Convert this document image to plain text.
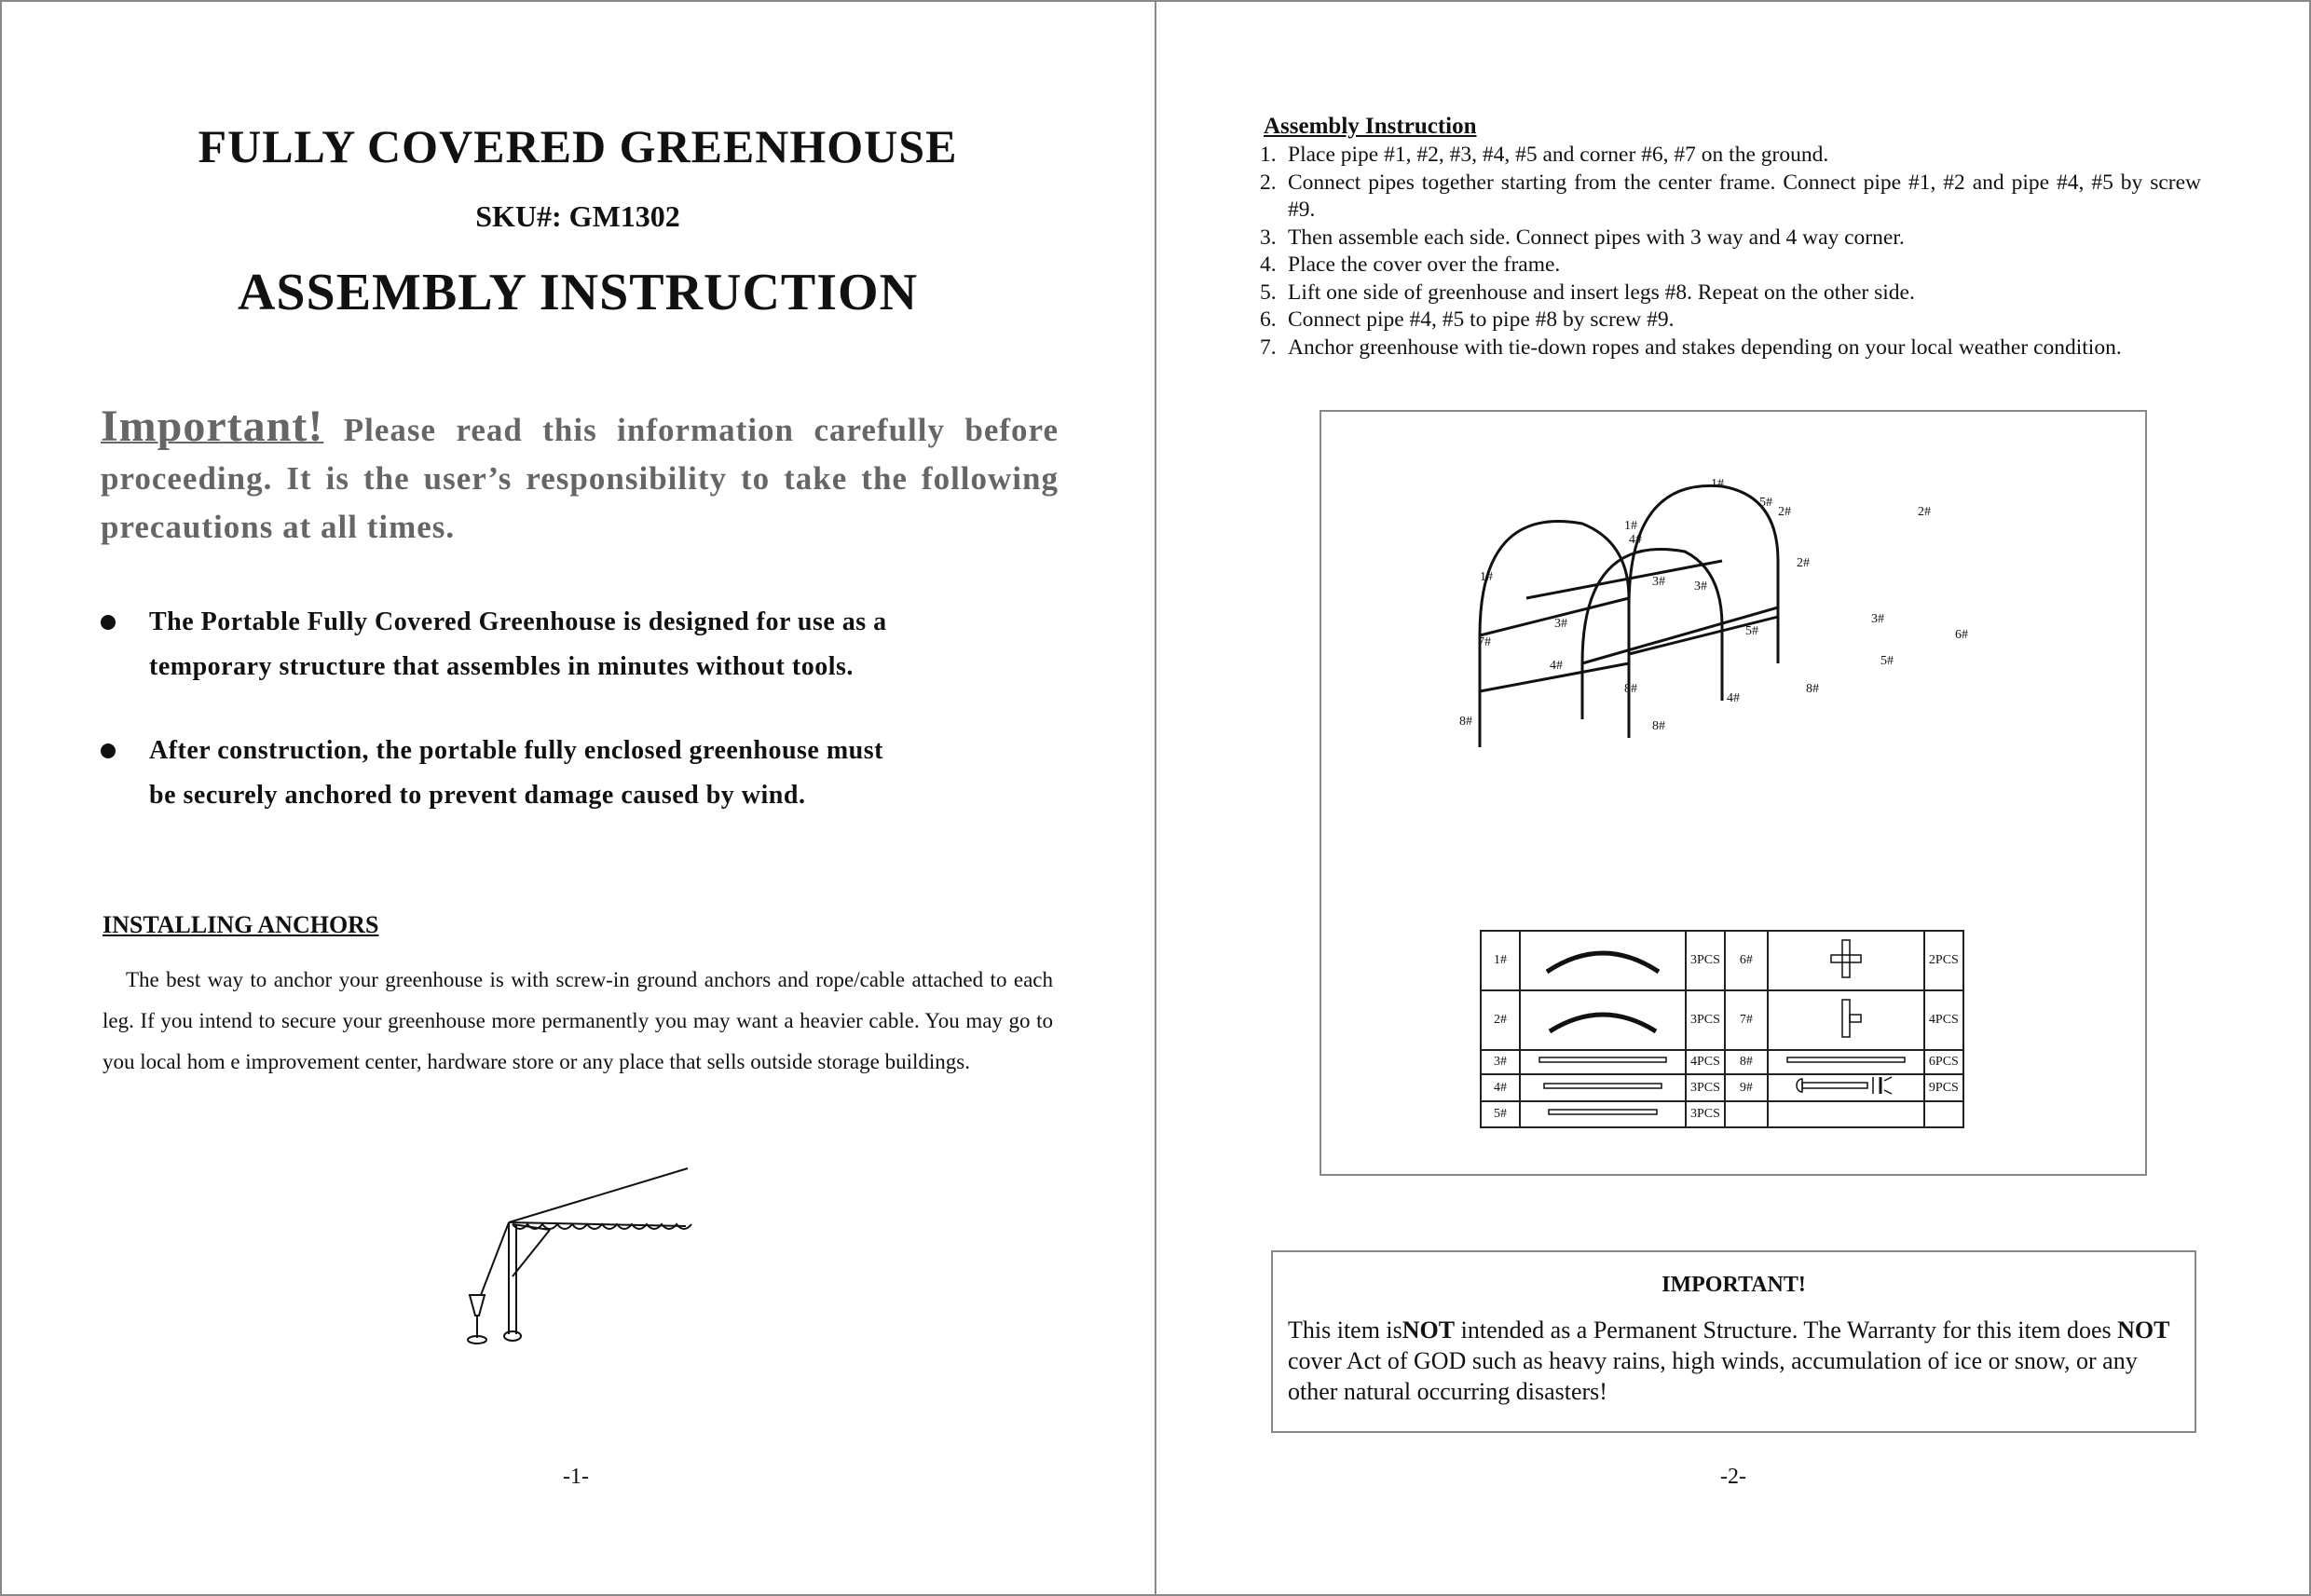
FULLY COVERED GREENHOUSE
SKU#: GM1302
ASSEMBLY INSTRUCTION
Important! Please read this information carefully before proceeding. It is the user’s responsibility to take the following precautions at all times.

The Portable Fully Covered Greenhouse is designed for use as a

temporary structure that assembles in minutes without tools.

After construction, the portable fully enclosed greenhouse must

be securely anchored to prevent damage caused by wind.

INSTALLING ANCHORS
The best way to anchor your greenhouse is with screw-in ground anchors and rope/cable attached to each leg. If you intend to secure your greenhouse more permanently you may want a heavier cable. You may go to you local hom e improvement center, hardware store or any place that sells outside storage buildings.
-1-
Assembly Instruction
1. Place pipe #1, #2, #3, #4, #5 and corner #6, #7 on the ground.
2. Connect pipes together starting from the center frame. Connect pipe #1, #2 and pipe #4, #5 by screw #9.
3. Then assemble each side. Connect pipes with 3 way and 4 way corner.
4. Place the cover over the frame.
5. Lift one side of greenhouse and insert legs #8. Repeat on the other side.
6. Connect pipe #4, #5 to pipe #8 by screw #9.
7. Anchor greenhouse with tie-down ropes and stakes depending on your local weather condition.
1#
2#
1#
2#
1#
2#
3#
3# 3#
3#
4#
4#
4#
5#
5#
5#
8#
8#	8#
8#
6#
7#
1#		3PCS	6#		2PCS
2#		3PCS	7#		4PCS
3#		4PCS	8#		6PCS
4#		3PCS	9#		9PCS
5#		3PCS			
IMPORTANT!

This item isNOT intended as a Permanent Structure. The Warranty for this item does NOT cover Act of GOD such as heavy rains, high winds, accumulation of ice or snow, or any other natural occurring disasters!

-2-
